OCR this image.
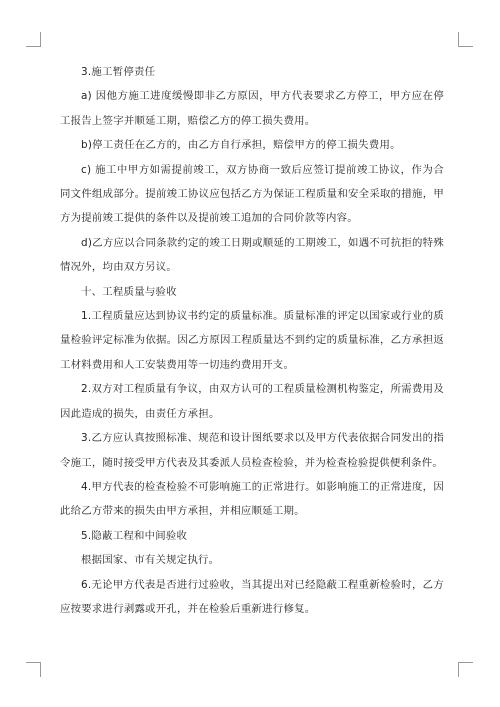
3.施工暂停责任

a) 因他方施工进度缓慢即非乙方原因，甲方代表要求乙方停工，甲方应在停工报告上签字并顺延工期，赔偿乙方的停工损失费用。

b)停工责任在乙方的，由乙方自行承担，赔偿甲方的停工损失费用。

c) 施工中甲方如需提前竣工，双方协商一致后应签订提前竣工协议，作为合同文件组成部分。提前竣工协议应包括乙方为保证工程质量和安全采取的措施，甲方为提前竣工提供的条件以及提前竣工追加的合同价款等内容。

d)乙方应以合同条款约定的竣工日期或顺延的工期竣工，如遇不可抗拒的特殊情况外，均由双方另议。

十、工程质量与验收

1.工程质量应达到协议书约定的质量标准。质量标准的评定以国家或行业的质量检验评定标准为依据。因乙方原因工程质量达不到约定的质量标准，乙方承担返工材料费用和人工安装费用等一切违约费用开支。

2.双方对工程质量有争议，由双方认可的工程质量检测机构鉴定，所需费用及因此造成的损失，由责任方承担。

3.乙方应认真按照标准、规范和设计图纸要求以及甲方代表依据合同发出的指令施工，随时接受甲方代表及其委派人员检查检验，并为检查检验提供便利条件。

4.甲方代表的检查检验不可影响施工的正常进行。如影响施工的正常进度，因此给乙方带来的损失由甲方承担，并相应顺延工期。

5.隐蔽工程和中间验收

根据国家、市有关规定执行。

6.无论甲方代表是否进行过验收，当其提出对已经隐蔽工程重新检验时，乙方应按要求进行剥露或开孔，并在检验后重新进行修复。
